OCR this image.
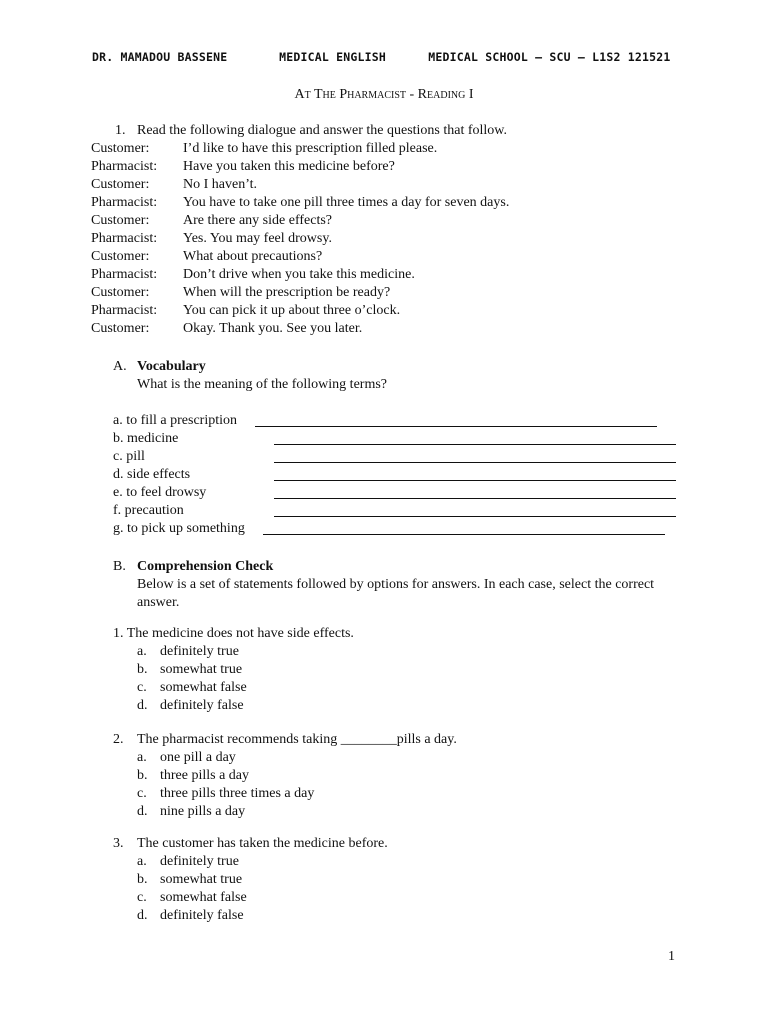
DR. MAMADOU BASSENE	MEDICAL ENGLISH	MEDICAL SCHOOL – SCU – L1S2 121521
At The Pharmacist - Reading I
1. Read the following dialogue and answer the questions that follow.
Customer:	I’d like to have this prescription filled please.
Pharmacist:	Have you taken this medicine before?
Customer:	No I haven’t.
Pharmacist:	You have to take one pill three times a day for seven days.
Customer:	Are there any side effects?
Pharmacist:	Yes. You may feel drowsy.
Customer:	What about precautions?
Pharmacist:	Don’t drive when you take this medicine.
Customer:	When will the prescription be ready?
Pharmacist:	You can pick it up about three o’clock.
Customer:	Okay. Thank you. See you later.
A. Vocabulary
What is the meaning of the following terms?
a. to fill a prescription
b. medicine
c. pill
d. side effects
e. to feel drowsy
f. precaution
g. to pick up something
B. Comprehension Check
Below is a set of statements followed by options for answers. In each case, select the correct answer.
1. The medicine does not have side effects.
a. definitely true
b. somewhat true
c. somewhat false
d. definitely false
2. The pharmacist recommends taking ________pills a day.
a. one pill a day
b. three pills a day
c. three pills three times a day
d. nine pills a day
3. The customer has taken the medicine before.
a. definitely true
b. somewhat true
c. somewhat false
d. definitely false
1
